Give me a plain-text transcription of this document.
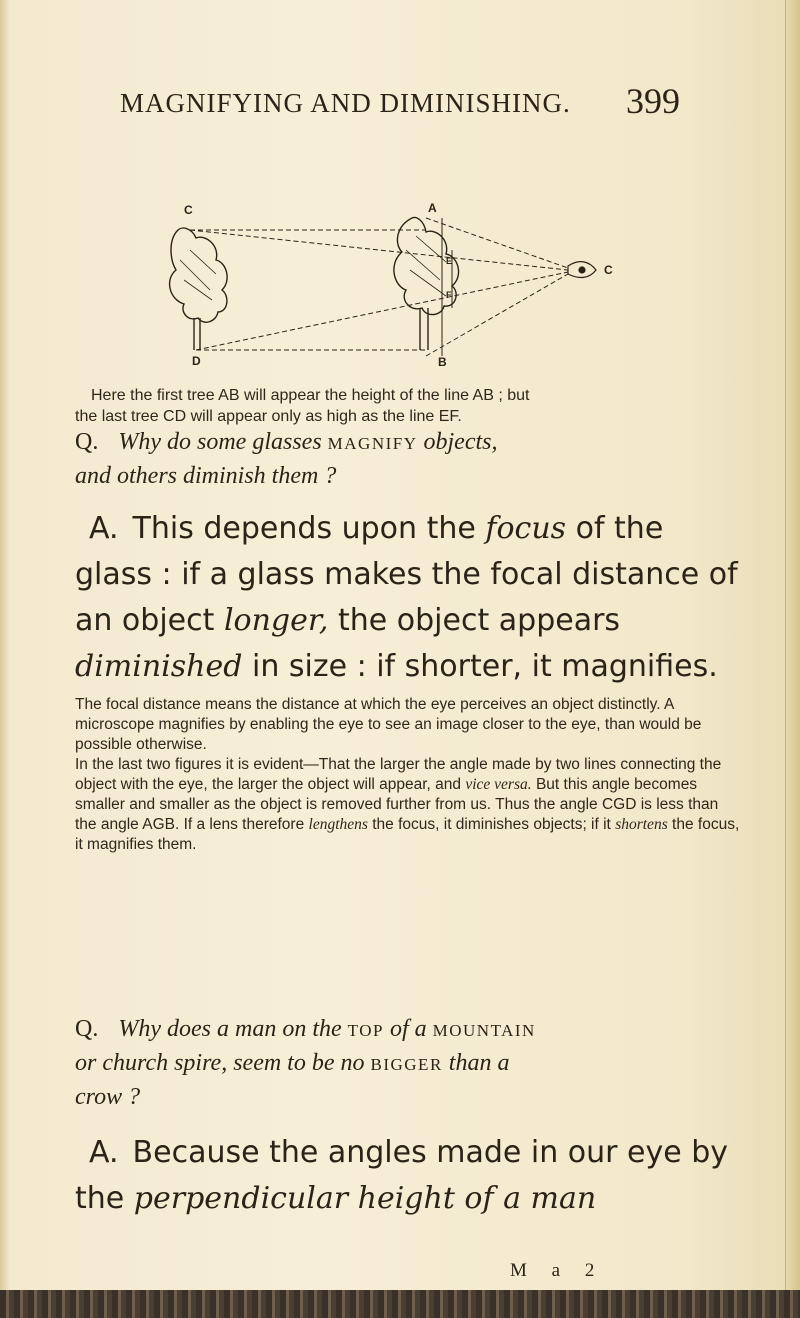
MAGNIFYING AND DIMINISHING. 399
C
D
A
B
C
E
F
Here the first tree AB will appear the height of the line AB ; but
the last tree CD will appear only as high as the line EF.
Q. Why do some glasses magnify objects,
and others diminish them ?
A. This depends upon the focus of the glass : if a glass makes the focal distance of an object longer, the object appears diminished in size : if shorter, it magnifies.

The focal distance means the distance at which the eye perceives an object distinctly. A microscope magnifies by enabling the eye to see an image closer to the eye, than would be possible otherwise.

In the last two figures it is evident—That the larger the angle made by two lines connecting the object with the eye, the larger the object will appear, and vice versa. But this angle becomes smaller and smaller as the object is removed further from us. Thus the angle CGD is less than the angle AGB. If a lens therefore lengthens the focus, it diminishes objects; if it shortens the focus, it magnifies them.

Q. Why does a man on the top of a mountain
or church spire, seem to be no bigger than a
crow ?
A. Because the angles made in our eye by the perpendicular height of a man
M a 2
